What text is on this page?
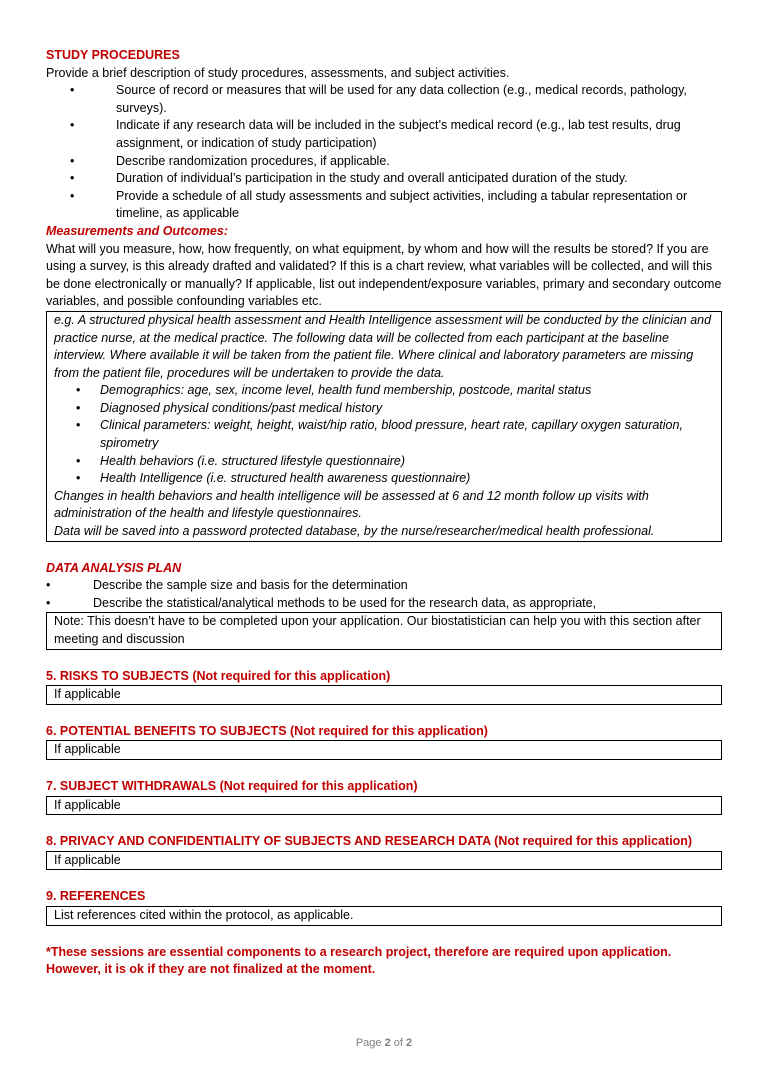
STUDY PROCEDURES

Provide a brief description of study procedures, assessments, and subject activities.

• Source of record or measures that will be used for any data collection (e.g., medical records, pathology, surveys).
• Indicate if any research data will be included in the subject’s medical record (e.g., lab test results, drug assignment, or indication of study participation)
• Describe randomization procedures, if applicable.
• Duration of individual’s participation in the study and overall anticipated duration of the study.
• Provide a schedule of all study assessments and subject activities, including a tabular representation or timeline, as applicable

Measurements and Outcomes:

What will you measure, how, how frequently, on what equipment, by whom and how will the results be stored? If you are using a survey, is this already drafted and validated? If this is a chart review, what variables will be collected, and will this be done electronically or manually? If applicable, list out independent/exposure variables, primary and secondary outcome variables, and possible confounding variables etc.

e.g. A structured physical health assessment and Health Intelligence assessment will be conducted by the clinician and practice nurse, at the medical practice. The following data will be collected from each participant at the baseline interview. Where available it will be taken from the patient file. Where clinical and laboratory parameters are missing from the patient file, procedures will be undertaken to provide the data.

• Demographics: age, sex, income level, health fund membership, postcode, marital status
• Diagnosed physical conditions/past medical history
• Clinical parameters: weight, height, waist/hip ratio, blood pressure, heart rate, capillary oxygen saturation, spirometry
• Health behaviors (i.e. structured lifestyle questionnaire)
• Health Intelligence (i.e. structured health awareness questionnaire)

Changes in health behaviors and health intelligence will be assessed at 6 and 12 month follow up visits with administration of the health and lifestyle questionnaires.

Data will be saved into a password protected database, by the nurse/researcher/medical health professional.

DATA ANALYSIS PLAN

• Describe the sample size and basis for the determination
• Describe the statistical/analytical methods to be used for the research data, as appropriate,

Note: This doesn’t have to be completed upon your application. Our biostatistician can help you with this section after meeting and discussion

5. RISKS TO SUBJECTS (Not required for this application)

If applicable

6. POTENTIAL BENEFITS TO SUBJECTS (Not required for this application)

If applicable

7. SUBJECT WITHDRAWALS (Not required for this application)

If applicable

8. PRIVACY AND CONFIDENTIALITY OF SUBJECTS AND RESEARCH DATA (Not required for this application)

If applicable

9. REFERENCES

List references cited within the protocol, as applicable.

*These sessions are essential components to a research project, therefore are required upon application. However, it is ok if they are not finalized at the moment.

Page 2 of 2
